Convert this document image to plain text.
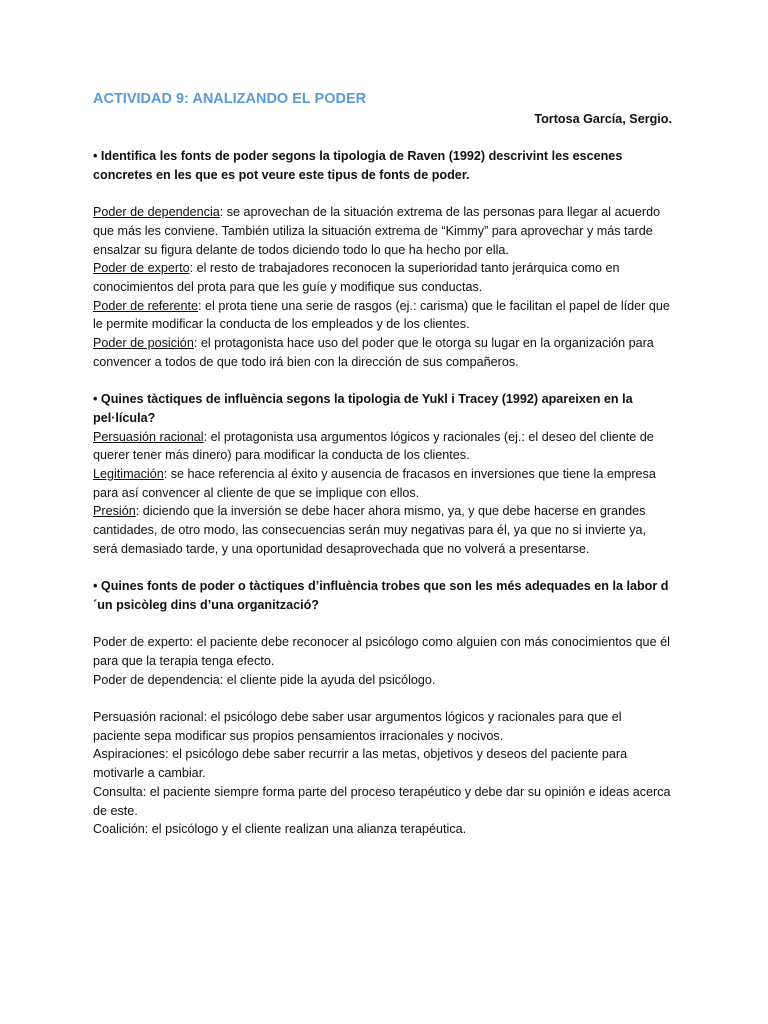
ACTIVIDAD 9: ANALIZANDO EL PODER

Tortosa García, Sergio.

• Identifica les fonts de poder segons la tipologia de Raven (1992) descrivint les escenes concretes en les que es pot veure este tipus de fonts de poder.

Poder de dependencia: se aprovechan de la situación extrema de las personas para llegar al acuerdo que más les conviene. También utiliza la situación extrema de “Kimmy” para aprovechar y más tarde ensalzar su figura delante de todos diciendo todo lo que ha hecho por ella.

Poder de experto: el resto de trabajadores reconocen la superioridad tanto jerárquica como en conocimientos del prota para que les guíe y modifique sus conductas.

Poder de referente: el prota tiene una serie de rasgos (ej.: carisma) que le facilitan el papel de líder que le permite modificar la conducta de los empleados y de los clientes.

Poder de posición: el protagonista hace uso del poder que le otorga su lugar en la organización para convencer a todos de que todo irá bien con la dirección de sus compañeros.

• Quines tàctiques de influència segons la tipologia de Yukl i Tracey (1992) apareixen en la pel·lícula?

Persuasión racional: el protagonista usa argumentos lógicos y racionales (ej.: el deseo del cliente de querer tener más dinero) para modificar la conducta de los clientes.

Legitimación: se hace referencia al éxito y ausencia de fracasos en inversiones que tiene la empresa para así convencer al cliente de que se implique con ellos.

Presión: diciendo que la inversión se debe hacer ahora mismo, ya, y que debe hacerse en grandes cantidades, de otro modo, las consecuencias serán muy negativas para él, ya que no si invierte ya, será demasiado tarde, y una oportunidad desaprovechada que no volverá a presentarse.

• Quines fonts de poder o tàctiques d’influència trobes que son les més adequades en la labor d´un psicòleg dins d’una organització?

Poder de experto: el paciente debe reconocer al psicólogo como alguien con más conocimientos que él para que la terapia tenga efecto.

Poder de dependencia: el cliente pide la ayuda del psicólogo.

Persuasión racional: el psicólogo debe saber usar argumentos lógicos y racionales para que el paciente sepa modificar sus propios pensamientos irracionales y nocivos.

Aspiraciones: el psicólogo debe saber recurrir a las metas, objetivos y deseos del paciente para motivarle a cambiar.

Consulta: el paciente siempre forma parte del proceso terapéutico y debe dar su opinión e ideas acerca de este.

Coalición: el psicólogo y el cliente realizan una alianza terapéutica.
